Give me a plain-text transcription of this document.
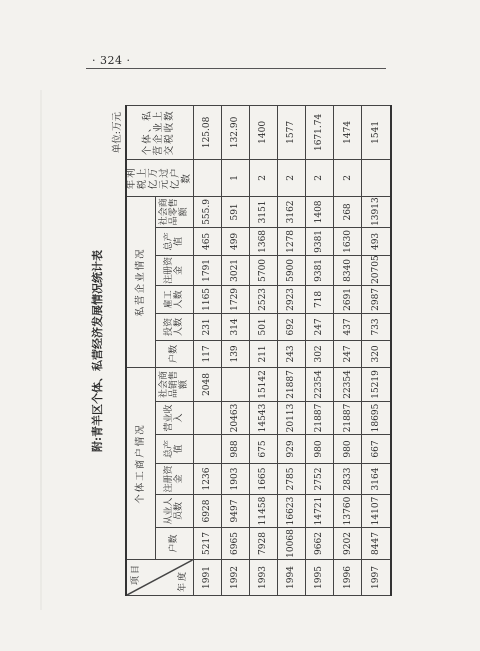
· 324 ·
附:青羊区个体、私营经济发展情况统计表
单位:万元
项目 年度	个体工商户情况						私营企业情况						年利税上亿万元过亿户数	个体、私营企业上交税收数
	户数	从业人员数	注册资金	总产值	营业收入	社会商品销售额	户数	投资人数	雇工人数	注册资金	总产值	社会商品零售额		
1991	5217	6928	1236			2048	117	231	1165	1791	465	555.9		125.08
1992	6965	9497	1903	988	20463		139	314	1729	3021	499	591	1	132.90
1993	7928	11458	1665	675	14543	15142	211	501	2523	5700	1368	3151	2	1400
1994	10068	16623	2785	929	20113	21887	243	692	2923	5900	1278	3162	2	1577
1995	9662	14721	2752	980	21887	22354	302	247	718	9381	9381	1408	2	1671.74
1996	9202	13760	2833	980	21887	22354	247	437	2691	8340	1630	268	2	1474
1997	8447	14107	3164	667	18695	15219	320	733	2987	20705	493	13913		1541
